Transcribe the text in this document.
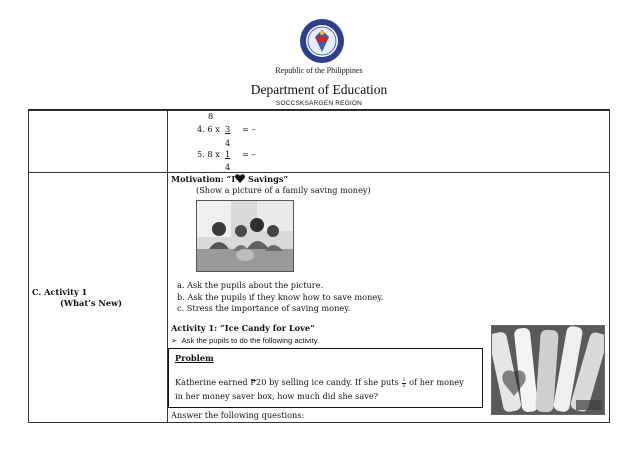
Republic of the Philippines
Department of Education
SOCCSKSARGEN REGION
8
4. 6 x 3 = –
4
5. 8 x 1 = –
4
C. Activity 1
(What’s New)
Motivation: “I Savings”
(Show a picture of a family saving money)
a. Ask the pupils about the picture.
b. Ask the pupils if they know how to save money.
c. Stress the importance of saving money.
Activity 1: “Ice Candy for Love”
➢ Ask the pupils to do the following activity.
Problem
Katherine earned ₱20 by selling ice candy. If she puts $\frac{1}{5}$ of her money
in her money saver box, how much did she save?
Answer the following questions:
